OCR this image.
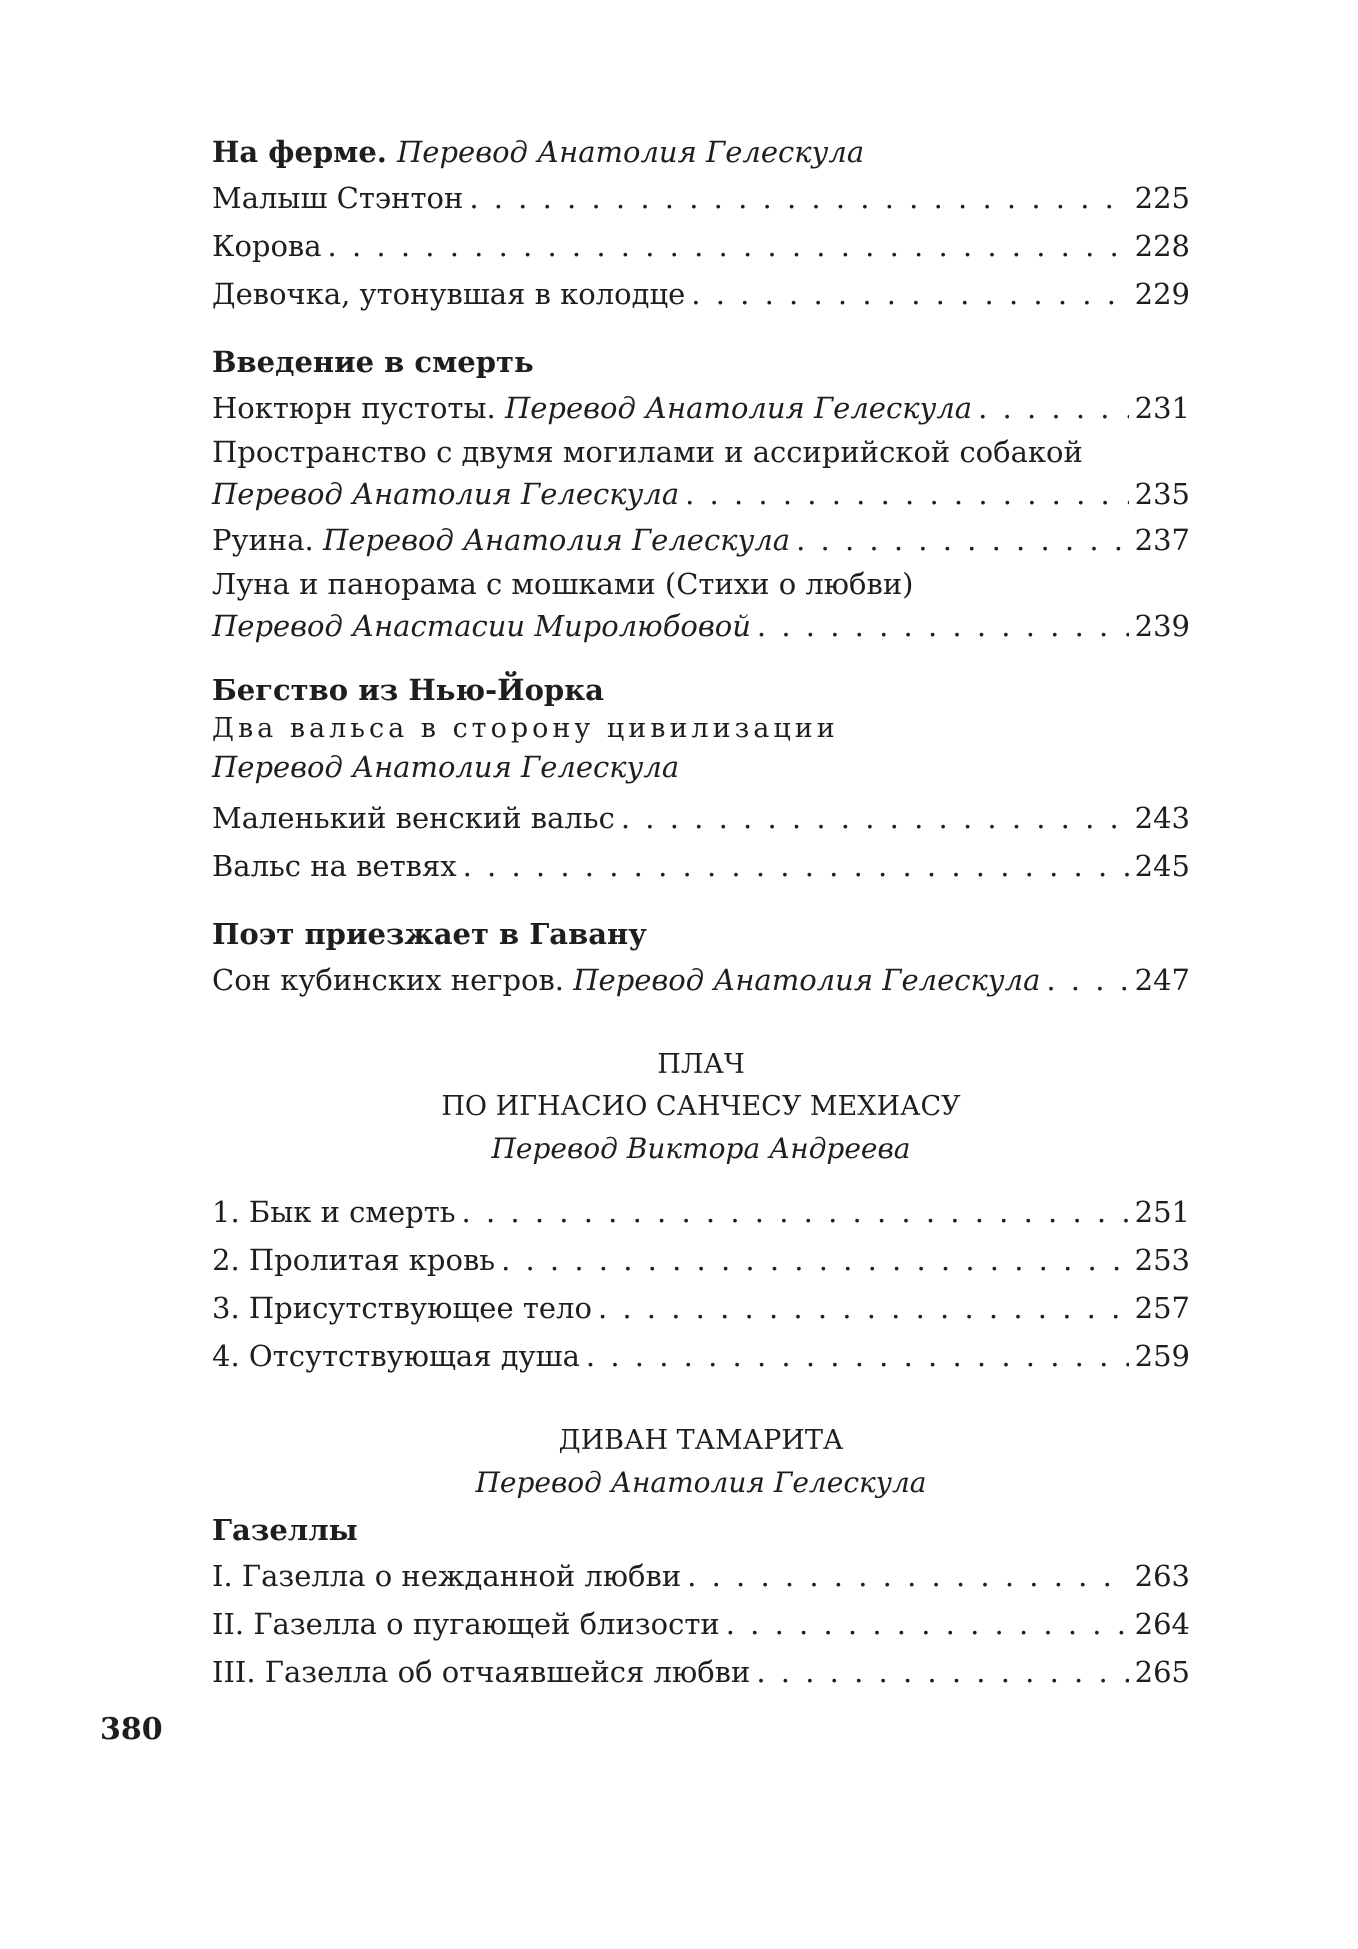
На ферме. Перевод Анатолия Гелескула
Малыш Стэнтон . . .	225
Корова . . .	228
Девочка, утонувшая в колодце . . .	229
Введение в смерть
Ноктюрн пустоты. Перевод Анатолия Гелескула . . .	231
Пространство с двумя могилами и ассирийской собакой
Перевод Анатолия Гелескула . . .	235
Руина. Перевод Анатолия Гелескула . . .	237
Луна и панорама с мошками (Стихи о любви)
Перевод Анастасии Миролюбовой . . .	239
Бегство из Нью-Йорка
Два вальса в сторону цивилизации
Перевод Анатолия Гелескула
Маленький венский вальс . . .	243
Вальс на ветвях . . .	245
Поэт приезжает в Гавану
Сон кубинских негров. Перевод Анатолия Гелескула . . .	247
ПЛАЧ
ПО ИГНАСИО САНЧЕСУ МЕХИАСУ
Перевод Виктора Андреева
1. Бык и смерть . . .	251
2. Пролитая кровь . . .	253
3. Присутствующее тело . . .	257
4. Отсутствующая душа . . .	259
ДИВАН ТАМАРИТА
Перевод Анатолия Гелескула
Газеллы
I. Газелла о нежданной любви . . .	263
II. Газелла о пугающей близости . . .	264
III. Газелла об отчаявшейся любви . . .	265
380
